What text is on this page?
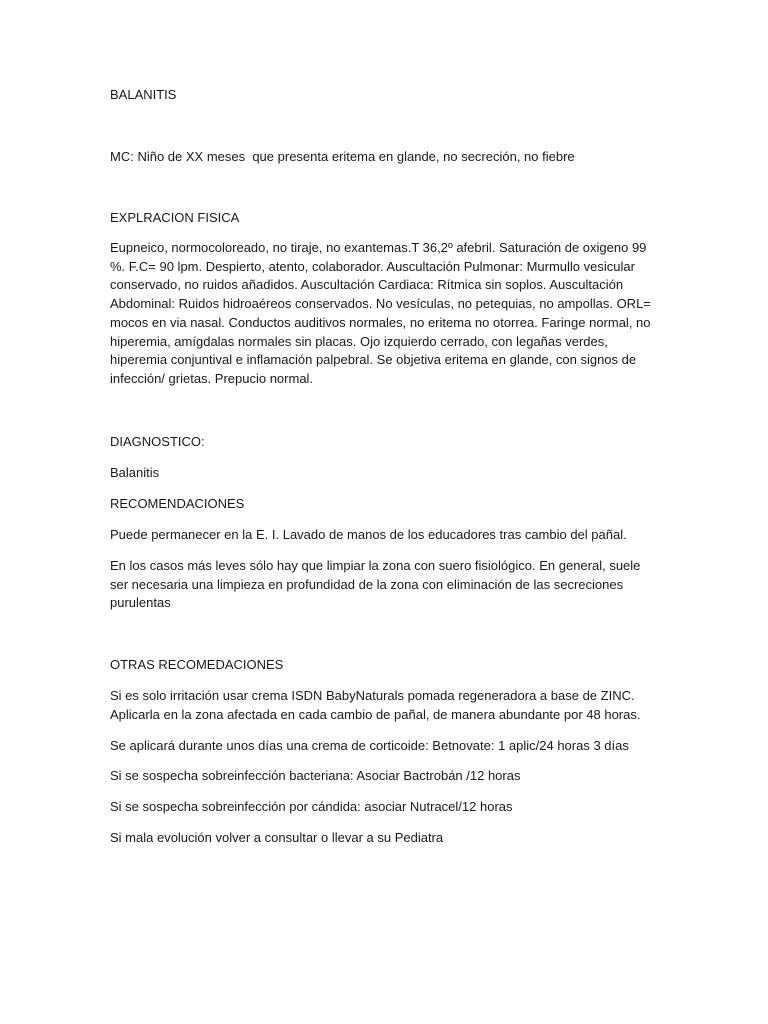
BALANITIS
MC: Niño de XX meses  que presenta eritema en glande, no secreción, no fiebre
EXPLRACION FISICA
Eupneico, normocoloreado, no tiraje, no exantemas.T 36,2º afebril. Saturación de oxigeno 99 %. F.C= 90 lpm. Despierto, atento, colaborador. Auscultación Pulmonar: Murmullo vesicular conservado, no ruidos añadidos. Auscultación Cardiaca: Rítmica sin soplos. Auscultación Abdominal: Ruidos hidroaéreos conservados. No vesículas, no petequias, no ampollas. ORL= mocos en via nasal. Conductos auditivos normales, no eritema no otorrea. Faringe normal, no hiperemia, amígdalas normales sin placas. Ojo izquierdo cerrado, con legañas verdes, hiperemia conjuntival e inflamación palpebral. Se objetiva eritema en glande, con signos de infección/ grietas. Prepucio normal.
DIAGNOSTICO:
Balanitis
RECOMENDACIONES
Puede permanecer en la E. I. Lavado de manos de los educadores tras cambio del pañal.
En los casos más leves sólo hay que limpiar la zona con suero fisiológico. En general, suele ser necesaria una limpieza en profundidad de la zona con eliminación de las secreciones purulentas
OTRAS RECOMEDACIONES
Si es solo irritación usar crema ISDN BabyNaturals pomada regeneradora a base de ZINC. Aplicarla en la zona afectada en cada cambio de pañal, de manera abundante por 48 horas.
Se aplicará durante unos días una crema de corticoide: Betnovate: 1 aplic/24 horas 3 días
Si se sospecha sobreinfección bacteriana: Asociar Bactrobán /12 horas
Si se sospecha sobreinfección por cándida: asociar Nutracel/12 horas
Si mala evolución volver a consultar o llevar a su Pediatra
